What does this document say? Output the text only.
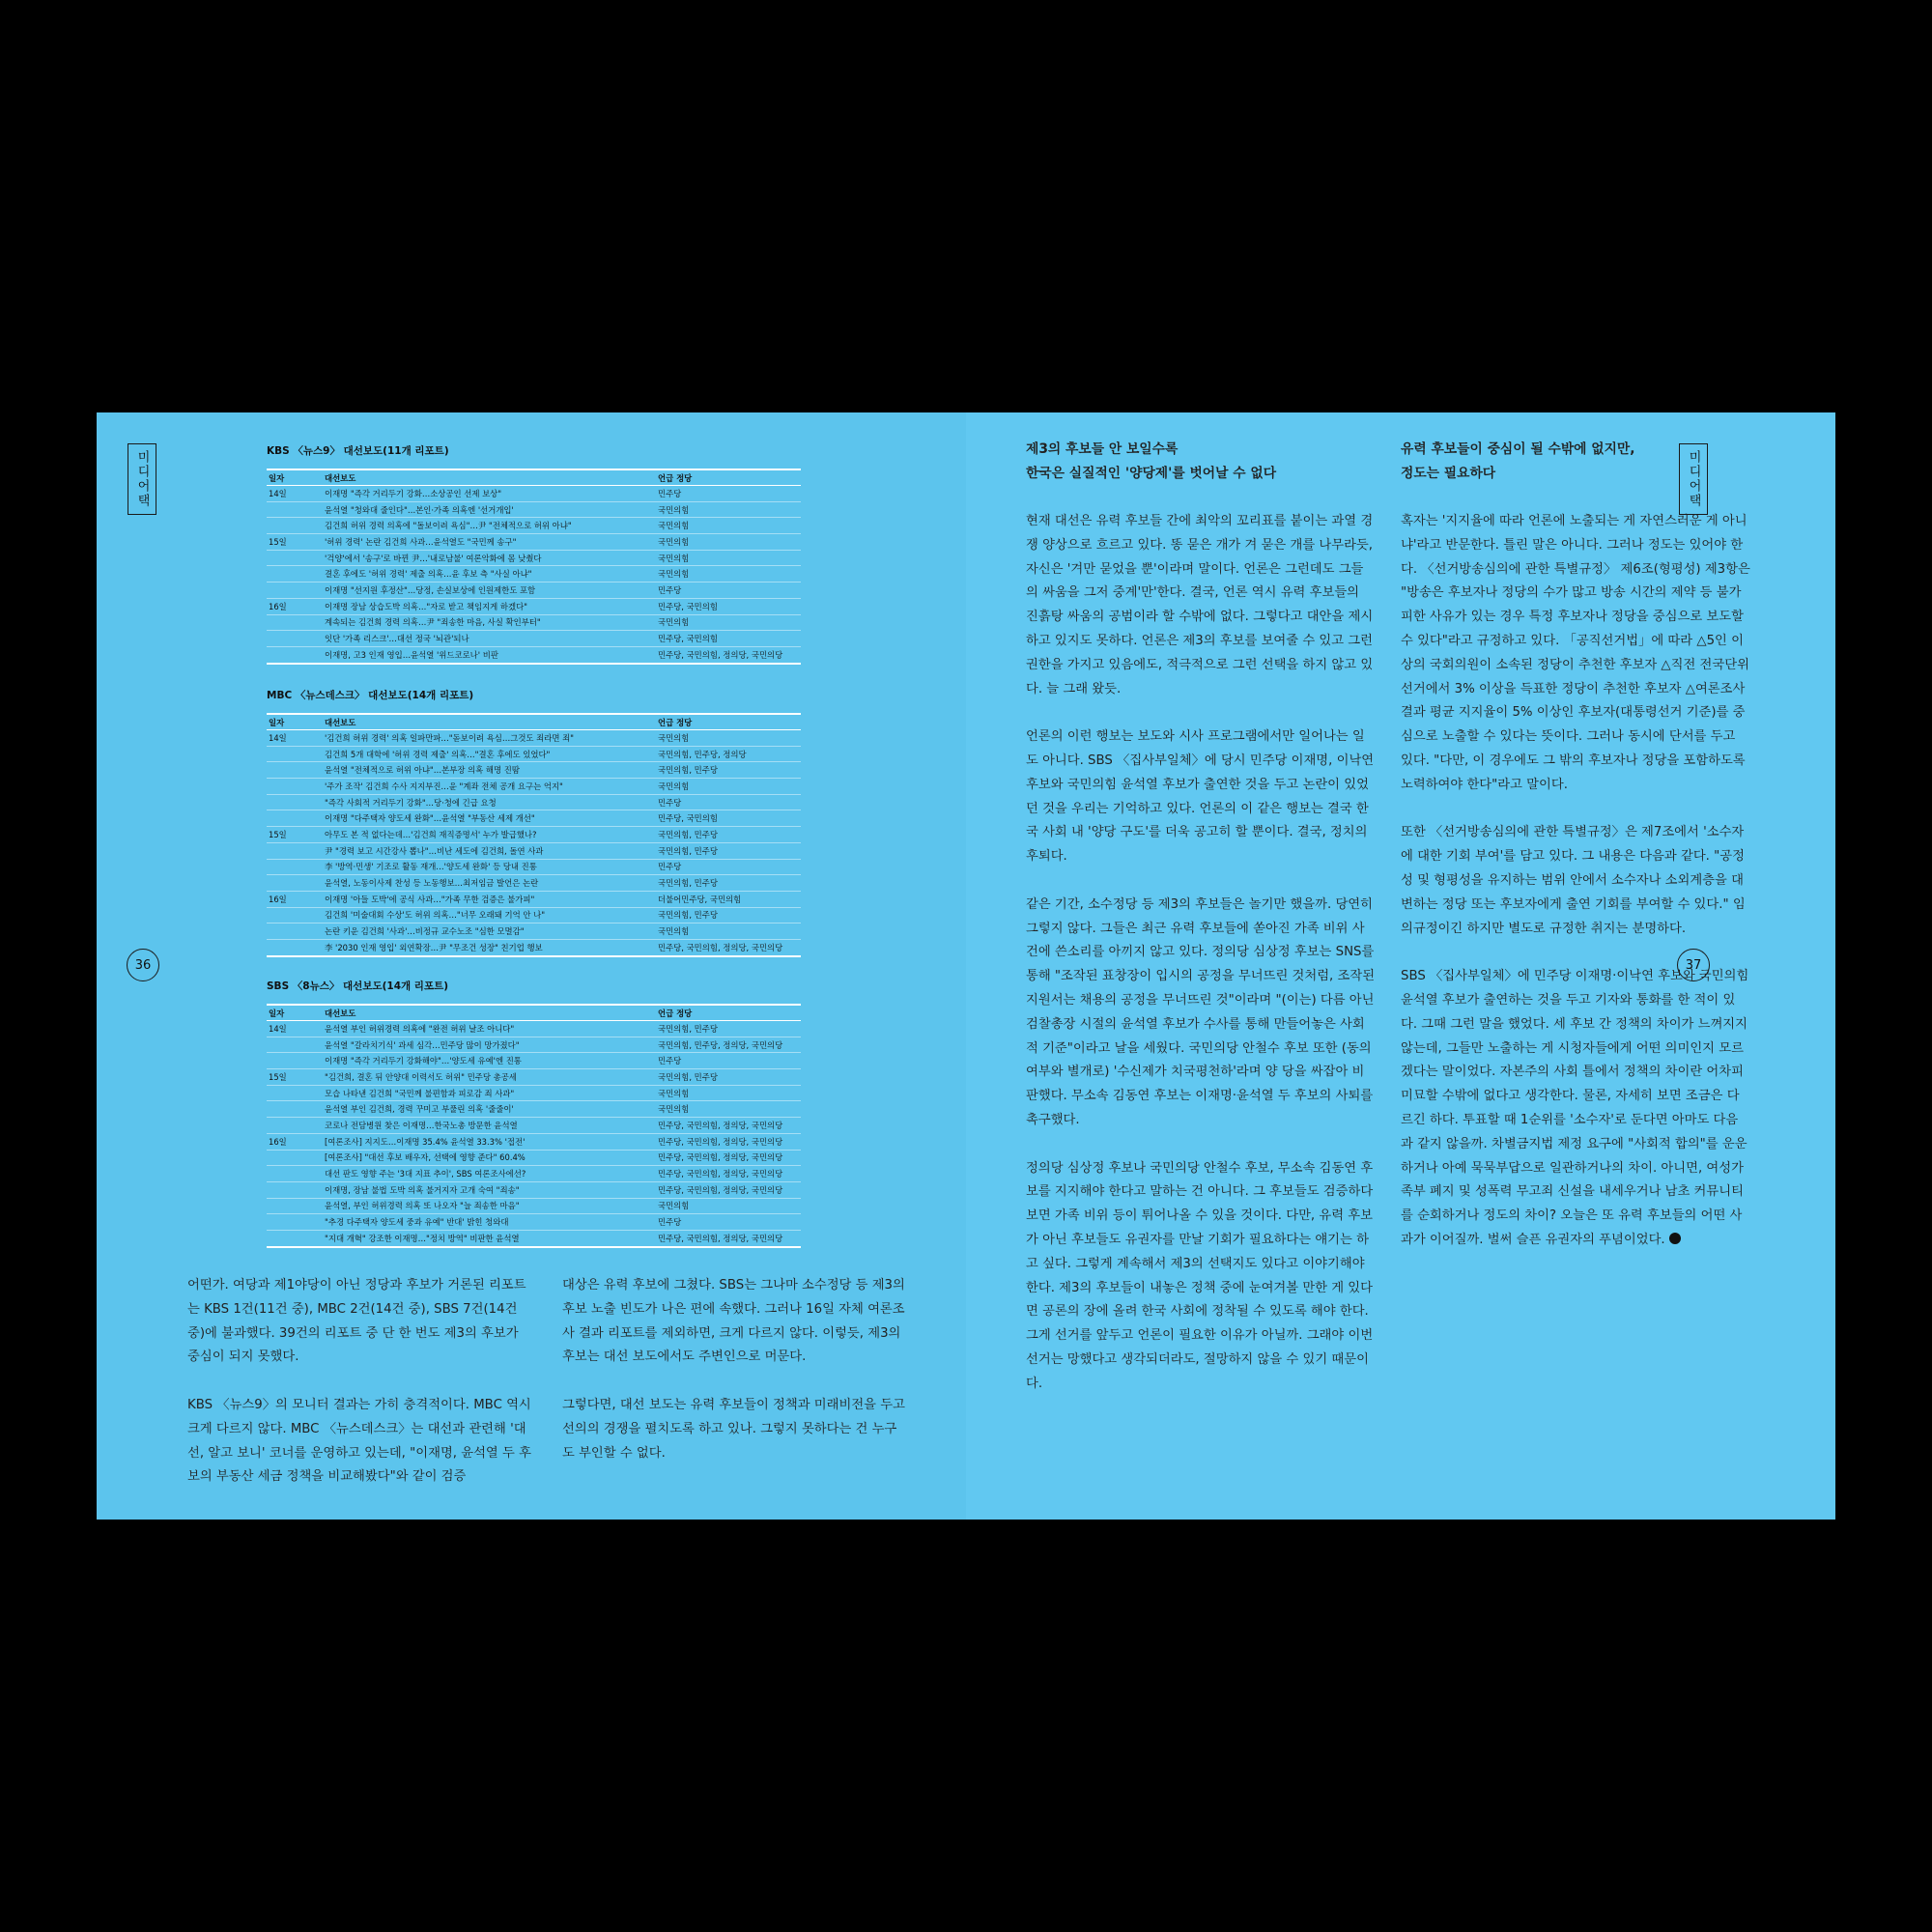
미디어택
36
KBS 〈뉴스9〉 대선보도(11개 리포트)
일자	대선보도	언급 정당
14일	이재명 "즉각 거리두기 강화…소상공인 선제 보상"	민주당
	윤석열 "청와대 줄인다"…본인·가족 의혹엔 '선거개입'	국민의힘
	김건희 허위 경력 의혹에 "돌보이려 욕심"…尹 "전체적으로 허위 아냐"	국민의힘
15일	'허위 경력' 논란 김건희 사과…윤석열도 "국민께 송구"	국민의힘
	'걱양'에서 '송구'로 바뀐 尹…'내로남불' 여론악화에 몸 낮췄다	국민의힘
	결혼 후에도 '허위 경력' 제출 의혹…윤 후보 측 "사실 아냐"	국민의힘
	이재명 "선지원 후정산"…당정, 손실보상에 인원제한도 포함	민주당
16일	이재명 장남 상습도박 의혹…"자로 받고 책임지게 하겠다"	민주당, 국민의힘
	계속되는 김건희 경력 의혹…尹 "죄송한 마음, 사실 확인부터"	국민의힘
	잇단 '가족 리스크'…대선 정국 '뇌관'되나	민주당, 국민의힘
	이재명, 고3 인재 영입…윤석열 '위드코로나' 비판	민주당, 국민의힘, 정의당, 국민의당
MBC 〈뉴스데스크〉 대선보도(14개 리포트)
일자	대선보도	언급 정당
14일	'김건희 허위 경력' 의혹 일파만파…"돋보이려 욕심…그것도 죄라면 죄"	국민의힘
	김건희 5개 대학에 '허위 경력 제출' 의혹…"결혼 후에도 있었다"	국민의힘, 민주당, 정의당
	윤석열 "전체적으로 허위 아냐"…본부장 의혹 해명 진땀	국민의힘, 민주당
	'주가 조작' 김건희 수사 지지부진…윤 "계좌 전체 공개 요구는 억지"	국민의힘
	"즉각 사회적 거리두기 강화"…당·청에 긴급 요청	민주당
	이재명 "다주택자 양도세 완화"…윤석열 "부동산 세제 개선"	민주당, 국민의힘
15일	아무도 본 적 없다는데…'김건희 재직증명서' 누가 발급했나?	국민의힘, 민주당
	尹 "경력 보고 시간강사 뽑나"…비난 세도에 김건희, 돌연 사과	국민의힘, 민주당
	李 '방역·민생' 기조로 활동 재개…'양도세 완화' 등 당내 진통	민주당
	윤석열, 노동이사제 찬성 등 노동행보…최저임금 발언은 논란	국민의힘, 민주당
16일	이재명 '아들 도박'에 공식 사과…"가족 무한 검증은 불가피"	더불어민주당, 국민의힘
	김건희 '미술대회 수상'도 허위 의혹…"너무 오래돼 기억 안 나"	국민의힘, 민주당
	논란 키운 김건희 '사과'…비정규 교수노조 "심한 모멸감"	국민의힘
	李 '2030 인재 영입' 외연확장…尹 "무조건 성장" 친기업 행보	민주당, 국민의힘, 정의당, 국민의당
SBS 〈8뉴스〉 대선보도(14개 리포트)
일자	대선보도	언급 정당
14일	윤석열 부인 허위경력 의혹에 "완전 허위 날조 아니다"	국민의힘, 민주당
	윤석열 "갈라치기식' 과세 심각…민주당 많이 망가졌다"	국민의힘, 민주당, 정의당, 국민의당
	이재명 "즉각 거리두기 강화해야"…'양도세 유예'엔 진통	민주당
15일	"김건희, 결혼 뒤 안양대 이력서도 허위" 민주당 총공세	국민의힘, 민주당
	모습 나타낸 김건희 "국민께 불편함과 피로감 죄 사과"	국민의힘
	윤석열 부인 김건희, 경력 꾸미고 부풀린 의혹 '줄줄이'	국민의힘
	코로나 전담병원 찾은 이재명…한국노총 방문한 윤석열	민주당, 국민의힘, 정의당, 국민의당
16일	[여론조사] 지지도…이재명 35.4% 윤석열 33.3% '접전'	민주당, 국민의힘, 정의당, 국민의당
	[여론조사] "대선 후보 배우자, 선택에 영향 준다" 60.4%	민주당, 국민의힘, 정의당, 국민의당
	대선 판도 영향 주는 '3대 지표 추이', SBS 여론조사에선?	민주당, 국민의힘, 정의당, 국민의당
	이재명, 장남 불법 도박 의혹 불거지자 고개 숙여 "죄송"	민주당, 국민의힘, 정의당, 국민의당
	윤석열, 부인 허위경력 의혹 또 나오자 "늘 죄송한 마음"	국민의힘
	"추경 다주택자 양도세 중과 유예" 반대' 밝힌 청와대	민주당
	"지대 개혁" 강조한 이재명…"정치 방역" 비판한 윤석열	민주당, 국민의힘, 정의당, 국민의당

어떤가. 여당과 제1야당이 아닌 정당과 후보가 거론된 리포트는 KBS 1건(11건 중), MBC 2건(14건 중), SBS 7건(14건 중)에 불과했다. 39건의 리포트 중 단 한 번도 제3의 후보가 중심이 되지 못했다.

KBS 〈뉴스9〉의 모니터 결과는 가히 충격적이다. MBC 역시 크게 다르지 않다. MBC 〈뉴스데스크〉는 대선과 관련해 '대선, 알고 보니' 코너를 운영하고 있는데, "이재명, 윤석열 두 후보의 부동산 세금 정책을 비교해봤다"와 같이 검증

대상은 유력 후보에 그쳤다. SBS는 그나마 소수정당 등 제3의 후보 노출 빈도가 나은 편에 속했다. 그러나 16일 자체 여론조사 결과 리포트를 제외하면, 크게 다르지 않다. 이렇듯, 제3의 후보는 대선 보도에서도 주변인으로 머문다.

그렇다면, 대선 보도는 유력 후보들이 정책과 미래비전을 두고 선의의 경쟁을 펼치도록 하고 있나. 그렇지 못하다는 건 누구도 부인할 수 없다.

미디어택
37
제3의 후보들 안 보일수록
한국은 실질적인 '양당제'를 벗어날 수 없다

현재 대선은 유력 후보들 간에 최악의 꼬리표를 붙이는 과열 경쟁 양상으로 흐르고 있다. 똥 묻은 개가 겨 묻은 개를 나무라듯, 자신은 '겨만 묻었을 뿐'이라며 말이다. 언론은 그런데도 그들의 싸움을 그저 중계'만'한다. 결국, 언론 역시 유력 후보들의 진흙탕 싸움의 공범이라 할 수밖에 없다. 그렇다고 대안을 제시하고 있지도 못하다. 언론은 제3의 후보를 보여줄 수 있고 그런 권한을 가지고 있음에도, 적극적으로 그런 선택을 하지 않고 있다. 늘 그래 왔듯.

언론의 이런 행보는 보도와 시사 프로그램에서만 일어나는 일도 아니다. SBS 〈집사부일체〉에 당시 민주당 이재명, 이낙연 후보와 국민의힘 윤석열 후보가 출연한 것을 두고 논란이 있었던 것을 우리는 기억하고 있다. 언론의 이 같은 행보는 결국 한국 사회 내 '양당 구도'를 더욱 공고히 할 뿐이다. 결국, 정치의 후퇴다.

같은 기간, 소수정당 등 제3의 후보들은 놀기만 했을까. 당연히 그렇지 않다. 그들은 최근 유력 후보들에 쏟아진 가족 비위 사건에 쓴소리를 아끼지 않고 있다. 정의당 심상정 후보는 SNS를 통해 "조작된 표창장이 입시의 공정을 무너뜨린 것처럼, 조작된 지원서는 채용의 공정을 무너뜨린 것"이라며 "(이는) 다름 아닌 검찰총장 시절의 윤석열 후보가 수사를 통해 만들어놓은 사회적 기준"이라고 날을 세웠다. 국민의당 안철수 후보 또한 (동의 여부와 별개로) '수신제가 치국평천하'라며 양 당을 싸잡아 비판했다. 무소속 김동연 후보는 이재명·윤석열 두 후보의 사퇴를 촉구했다.

정의당 심상정 후보나 국민의당 안철수 후보, 무소속 김동연 후보를 지지해야 한다고 말하는 건 아니다. 그 후보들도 검증하다 보면 가족 비위 등이 튀어나올 수 있을 것이다. 다만, 유력 후보가 아닌 후보들도 유권자를 만날 기회가 필요하다는 얘기는 하고 싶다. 그렇게 계속해서 제3의 선택지도 있다고 이야기해야 한다. 제3의 후보들이 내놓은 정책 중에 눈여겨볼 만한 게 있다면 공론의 장에 올려 한국 사회에 정착될 수 있도록 해야 한다. 그게 선거를 앞두고 언론이 필요한 이유가 아닐까. 그래야 이번 선거는 망했다고 생각되더라도, 절망하지 않을 수 있기 때문이다.

유력 후보들이 중심이 될 수밖에 없지만,
정도는 필요하다

혹자는 '지지율에 따라 언론에 노출되는 게 자연스러운 게 아니냐'라고 반문한다. 틀린 말은 아니다. 그러나 정도는 있어야 한다. 〈선거방송심의에 관한 특별규정〉 제6조(형평성) 제3항은 "방송은 후보자나 정당의 수가 많고 방송 시간의 제약 등 불가피한 사유가 있는 경우 특정 후보자나 정당을 중심으로 보도할 수 있다"라고 규정하고 있다. 「공직선거법」에 따라 △5인 이상의 국회의원이 소속된 정당이 추천한 후보자 △직전 전국단위 선거에서 3% 이상을 득표한 정당이 추천한 후보자 △여론조사 결과 평균 지지율이 5% 이상인 후보자(대통령선거 기준)를 중심으로 노출할 수 있다는 뜻이다. 그러나 동시에 단서를 두고 있다. "다만, 이 경우에도 그 밖의 후보자나 정당을 포함하도록 노력하여야 한다"라고 말이다.

또한 〈선거방송심의에 관한 특별규정〉은 제7조에서 '소수자에 대한 기회 부여'를 담고 있다. 그 내용은 다음과 같다. "공정성 및 형평성을 유지하는 범위 안에서 소수자나 소외계층을 대변하는 정당 또는 후보자에게 출연 기회를 부여할 수 있다." 임의규정이긴 하지만 별도로 규정한 취지는 분명하다.

SBS 〈집사부일체〉에 민주당 이재명·이낙연 후보와 국민의힘 윤석열 후보가 출연하는 것을 두고 기자와 통화를 한 적이 있다. 그때 그런 말을 했었다. 세 후보 간 정책의 차이가 느껴지지 않는데, 그들만 노출하는 게 시청자들에게 어떤 의미인지 모르겠다는 말이었다. 자본주의 사회 틀에서 정책의 차이란 어차피 미묘할 수밖에 없다고 생각한다. 물론, 자세히 보면 조금은 다르긴 하다. 투표할 때 1순위를 '소수자'로 둔다면 아마도 다음과 같지 않을까. 차별금지법 제정 요구에 "사회적 합의"를 운운하거나 아예 묵묵부답으로 일관하거나의 차이. 아니면, 여성가족부 폐지 및 성폭력 무고죄 신설을 내세우거나 남초 커뮤니티를 순회하거나 정도의 차이? 오늘은 또 유력 후보들의 어떤 사과가 이어질까. 벌써 슬픈 유권자의 푸념이었다.
